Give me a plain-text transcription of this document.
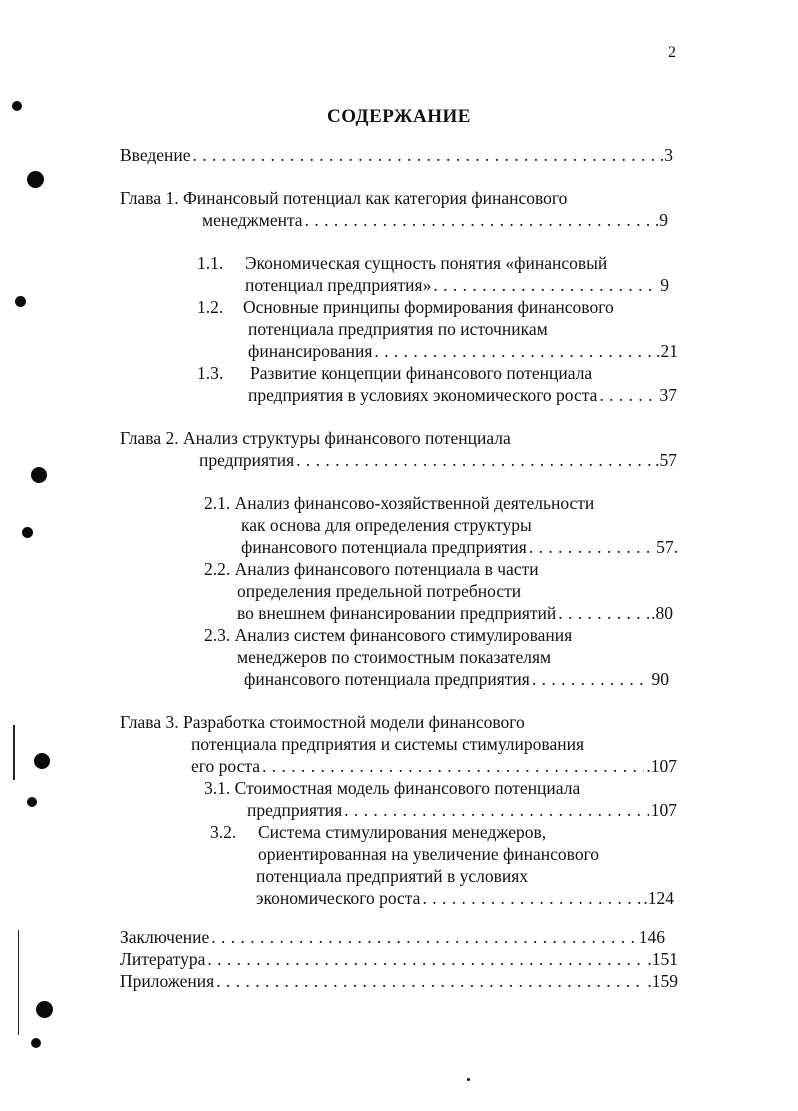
2
СОДЕРЖАНИЕ
Введение . . .	.3
Глава 1. Финансовый потенциал как категория финансового
менеджмента . . .	.9
1.1. Экономическая сущность понятия «финансовый
потенциал предприятия» . . .	9
1.2. Основные принципы формирования финансового
потенциала предприятия по источникам
финансирования . . .	.21
1.3. Развитие концепции финансового потенциала
предприятия в условиях экономического роста . . .	37
Глава 2. Анализ структуры финансового потенциала
предприятия . . .	.57
2.1. Анализ финансово-хозяйственной деятельности
как основа для определения структуры
финансового потенциала предприятия . . .	57.
2.2. Анализ финансового потенциала в части
определения предельной потребности
во внешнем финансировании предприятий . . .	.80
2.3. Анализ систем финансового стимулирования
менеджеров по стоимостным показателям
финансового потенциала предприятия . . .	90
Глава 3. Разработка стоимостной модели финансового
потенциала предприятия и системы стимулирования
его роста . . .	.107
3.1. Стоимостная модель финансового потенциала
предприятия . . .	107
3.2. Система стимулирования менеджеров,
ориентированная на увеличение финансового
потенциала предприятий в условиях
экономического роста . . .	.124
Заключение . . .	146
Литература . . .	.151
Приложения . . .	.159
